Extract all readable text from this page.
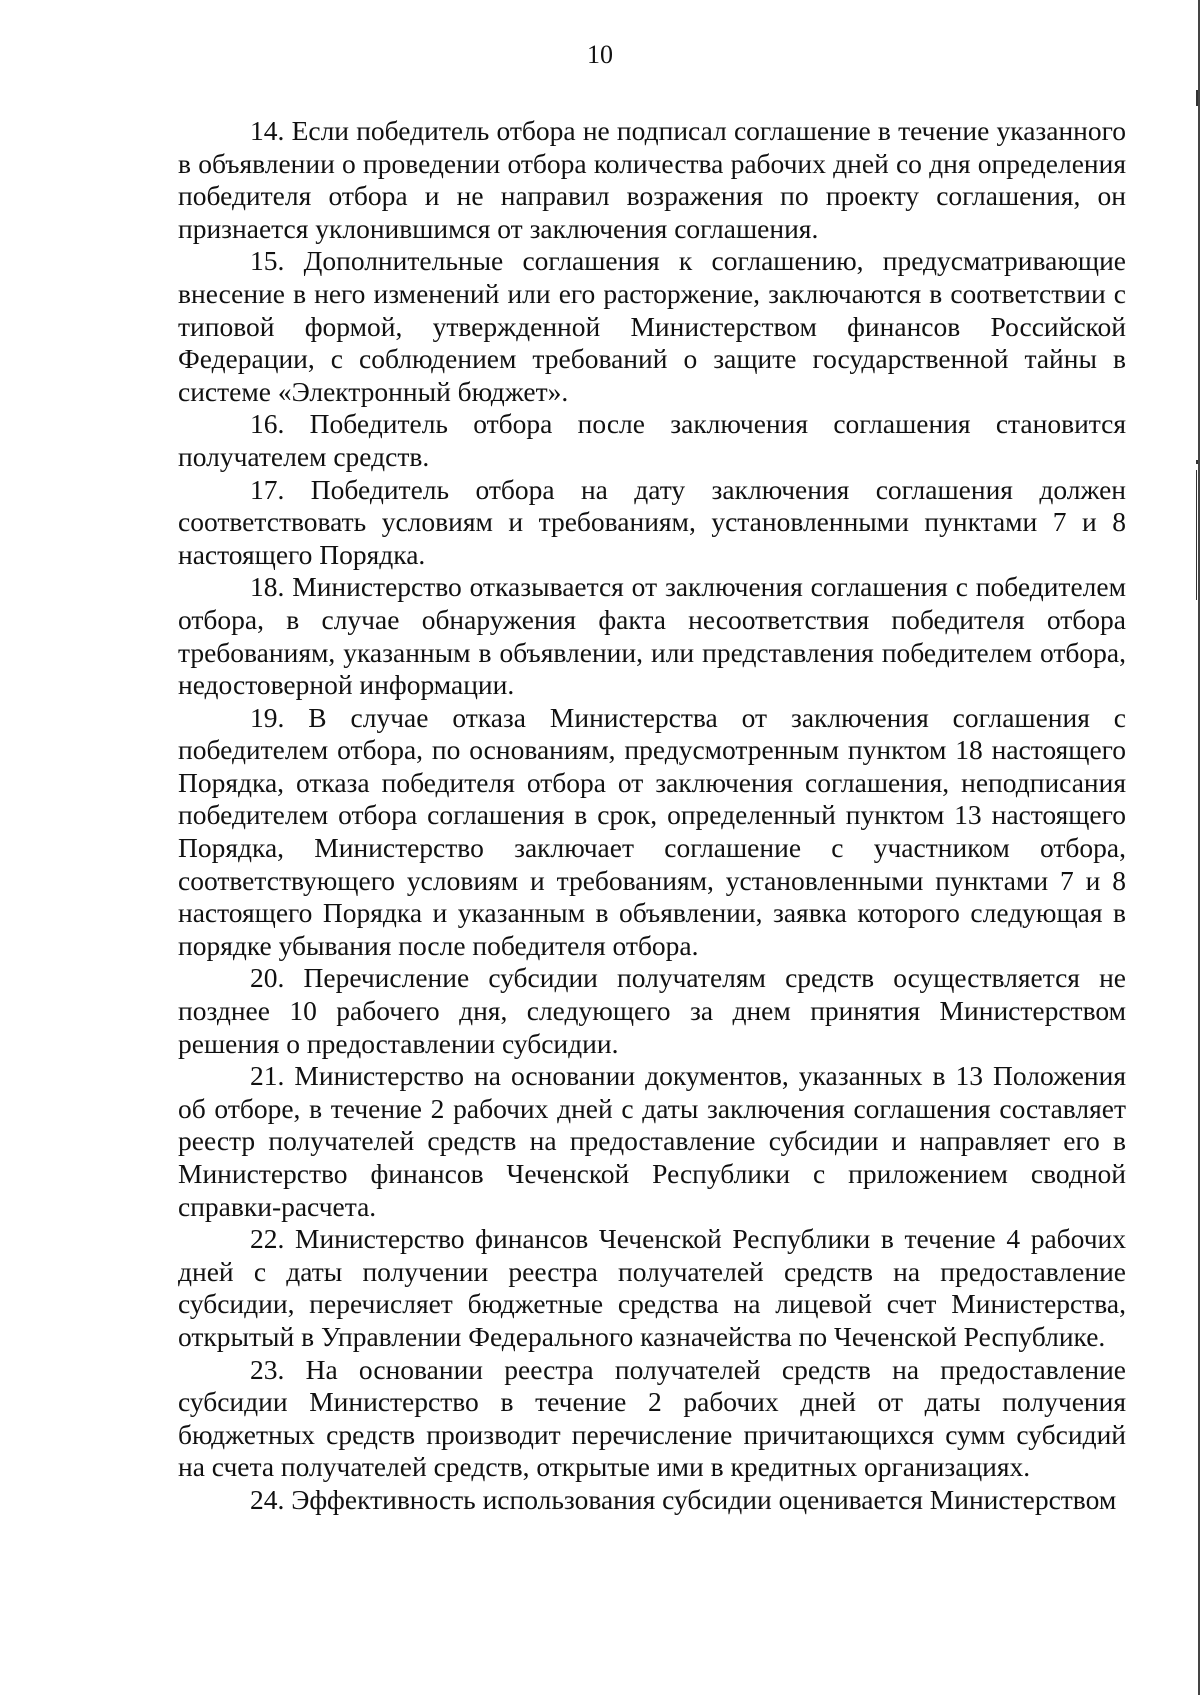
10

14. Если победитель отбора не подписал соглашение в течение указанного в объявлении о проведении отбора количества рабочих дней со дня определения победителя отбора и не направил возражения по проекту соглашения, он признается уклонившимся от заключения соглашения.

15. Дополнительные соглашения к соглашению, предусматривающие внесение в него изменений или его расторжение, заключаются в соответствии с типовой формой, утвержденной Министерством финансов Российской Федерации, с соблюдением требований о защите государственной тайны в системе «Электронный бюджет».

16. Победитель отбора после заключения соглашения становится получателем средств.

17. Победитель отбора на дату заключения соглашения должен соответствовать условиям и требованиям, установленными пунктами 7 и 8 настоящего Порядка.

18. Министерство отказывается от заключения соглашения с победителем отбора, в случае обнаружения факта несоответствия победителя отбора требованиям, указанным в объявлении, или представления победителем отбора, недостоверной информации.

19. В случае отказа Министерства от заключения соглашения с победителем отбора, по основаниям, предусмотренным пунктом 18 настоящего Порядка, отказа победителя отбора от заключения соглашения, неподписания победителем отбора соглашения в срок, определенный пунктом 13 настоящего Порядка, Министерство заключает соглашение с участником отбора, соответствующего условиям и требованиям, установленными пунктами 7 и 8 настоящего Порядка и указанным в объявлении, заявка которого следующая в порядке убывания после победителя отбора.

20. Перечисление субсидии получателям средств осуществляется не позднее 10 рабочего дня, следующего за днем принятия Министерством решения о предоставлении субсидии.

21. Министерство на основании документов, указанных в 13 Положения об отборе, в течение 2 рабочих дней с даты заключения соглашения составляет реестр получателей средств на предоставление субсидии и направляет его в Министерство финансов Чеченской Республики с приложением сводной справки-расчета.

22. Министерство финансов Чеченской Республики в течение 4 рабочих дней с даты получении реестра получателей средств на предоставление субсидии, перечисляет бюджетные средства на лицевой счет Министерства, открытый в Управлении Федерального казначейства по Чеченской Республике.

23. На основании реестра получателей средств на предоставление субсидии Министерство в течение 2 рабочих дней от даты получения бюджетных средств производит перечисление причитающихся сумм субсидий на счета получателей средств, открытые ими в кредитных организациях.

24. Эффективность использования субсидии оценивается Министерством
